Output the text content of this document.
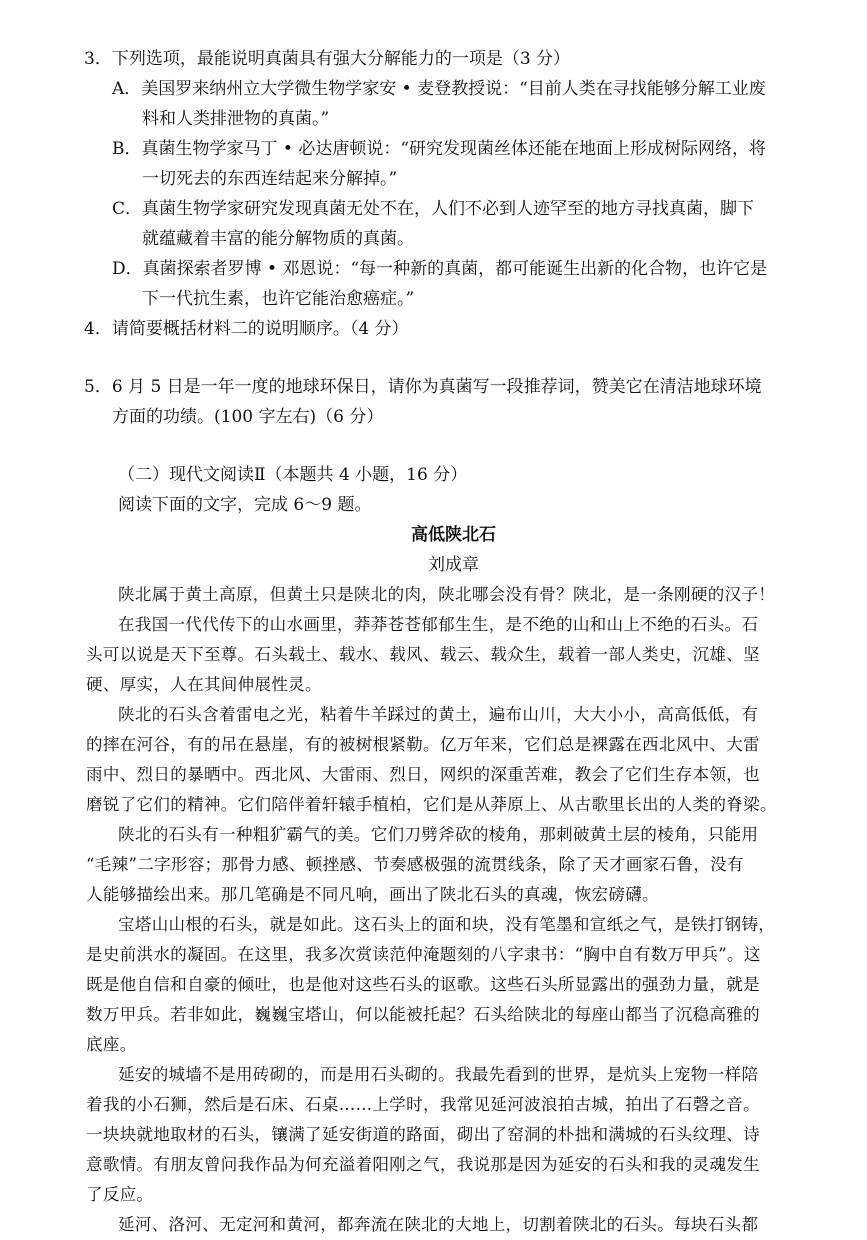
3．下列选项，最能说明真菌具有强大分解能力的一项是（3 分）
A．美国罗来纳州立大学微生物学家安 • 麦登教授说：“目前人类在寻找能够分解工业废
料和人类排泄物的真菌。”
B．真菌生物学家马丁 • 必达唐顿说：“研究发现菌丝体还能在地面上形成树际网络，将
一切死去的东西连结起来分解掉。”
C．真菌生物学家研究发现真菌无处不在，人们不必到人迹罕至的地方寻找真菌，脚下
就蕴藏着丰富的能分解物质的真菌。
D．真菌探索者罗博 • 邓恩说：“每一种新的真菌，都可能诞生出新的化合物，也许它是
下一代抗生素，也许它能治愈癌症。”
4．请简要概括材料二的说明顺序。（4 分）
5．6 月 5 日是一年一度的地球环保日，请你为真菌写一段推荐词，赞美它在清洁地球环境
方面的功绩。(100 字左右)（6 分）
（二）现代文阅读Ⅱ（本题共 4 小题，16 分）
阅读下面的文字，完成 6～9 题。
高低陕北石
刘成章
陕北属于黄土高原，但黄土只是陕北的肉，陕北哪会没有骨？陕北，是一条刚硬的汉子！
在我国一代代传下的山水画里，莽莽苍苍郁郁生生，是不绝的山和山上不绝的石头。石
头可以说是天下至尊。石头载土、载水、载风、载云、载众生，载着一部人类史，沉雄、坚
硬、厚实，人在其间伸展性灵。
陕北的石头含着雷电之光，粘着牛羊踩过的黄土，遍布山川，大大小小，高高低低，有
的摔在河谷，有的吊在悬崖，有的被树根紧勒。亿万年来，它们总是裸露在西北风中、大雷
雨中、烈日的暴晒中。西北风、大雷雨、烈日，网织的深重苦难，教会了它们生存本领，也
磨锐了它们的精神。它们陪伴着轩辕手植柏，它们是从莽原上、从古歌里长出的人类的脊梁。
陕北的石头有一种粗犷霸气的美。它们刀劈斧砍的棱角，那刺破黄土层的棱角，只能用
“毛辣”二字形容；那骨力感、顿挫感、节奏感极强的流贯线条，除了天才画家石鲁，没有
人能够描绘出来。那几笔确是不同凡响，画出了陕北石头的真魂，恢宏磅礴。
宝塔山山根的石头，就是如此。这石头上的面和块，没有笔墨和宣纸之气，是铁打钢铸，
是史前洪水的凝固。在这里，我多次赏读范仲淹题刻的八字隶书：“胸中自有数万甲兵”。这
既是他自信和自豪的倾吐，也是他对这些石头的讴歌。这些石头所显露出的强劲力量，就是
数万甲兵。若非如此，巍巍宝塔山，何以能被托起？石头给陕北的每座山都当了沉稳高雅的
底座。
延安的城墙不是用砖砌的，而是用石头砌的。我最先看到的世界，是炕头上宠物一样陪
着我的小石狮，然后是石床、石桌……上学时，我常见延河波浪拍古城，拍出了石磬之音。
一块块就地取材的石头，镶满了延安街道的路面，砌出了窑洞的朴拙和满城的石头纹理、诗
意歌情。有朋友曾问我作品为何充溢着阳刚之气，我说那是因为延安的石头和我的灵魂发生
了反应。
延河、洛河、无定河和黄河，都奔流在陕北的大地上，切割着陕北的石头。每块石头都
